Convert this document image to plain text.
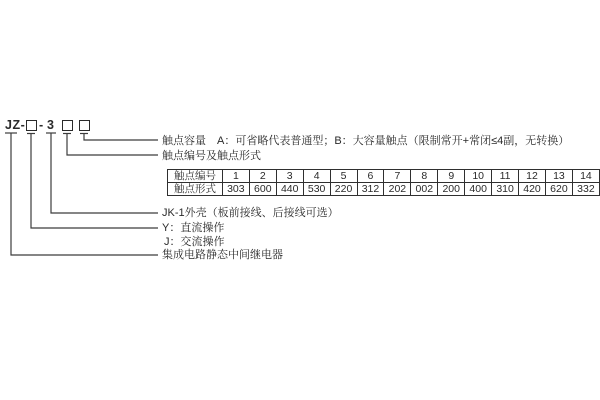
JZ- - 3
触点容量　A：可省略代表普通型；B：大容量触点（限制常开+常闭≤4副，无转换）
触点编号及触点形式
JK-1外壳（板前接线、后接线可选）
Y：直流操作
J：交流操作
集成电路静态中间继电器
触点编号	1	2	3	4	5	6	7	8	9	10	11	12	13	14
触点形式	303	600	440	530	220	312	202	002	200	400	310	420	620	332
